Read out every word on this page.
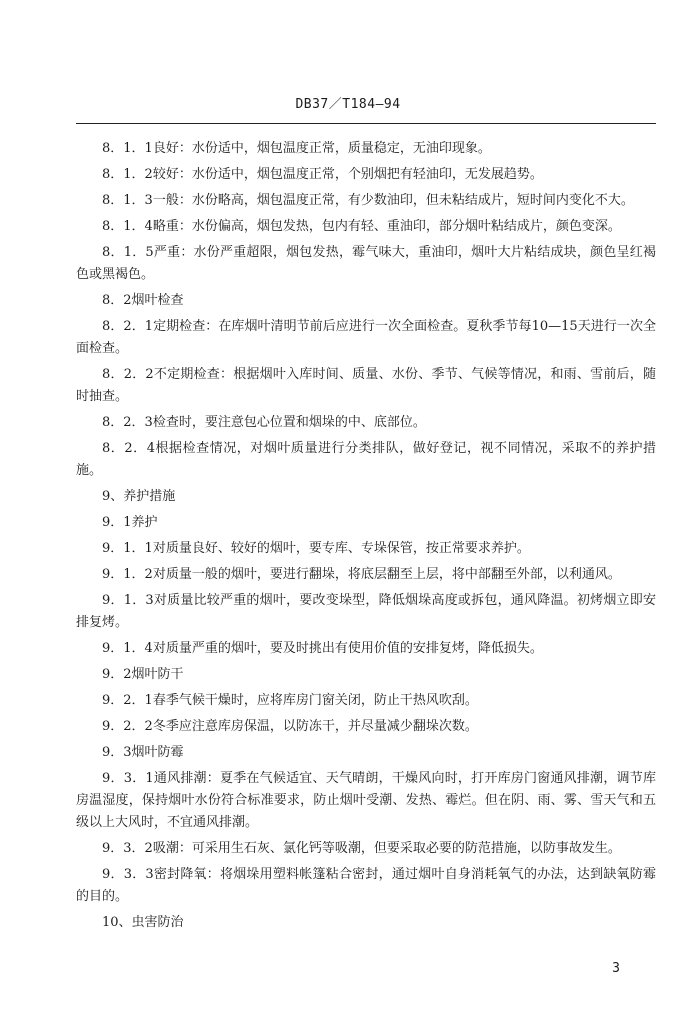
DB37／T184—94

8．1．1良好：水份适中，烟包温度正常，质量稳定，无油印现象。

8．1．2较好：水份适中，烟包温度正常，个别烟把有轻油印，无发展趋势。

8．1．3一般：水份略高，烟包温度正常，有少数油印，但未粘结成片，短时间内变化不大。

8．1．4略重：水份偏高，烟包发热，包内有轻、重油印，部分烟叶粘结成片，颜色变深。

8．1．5严重：水份严重超限，烟包发热，霉气味大，重油印，烟叶大片粘结成块，颜色呈红褐色或黑褐色。

8．2烟叶检查

8．2．1定期检查：在库烟叶清明节前后应进行一次全面检查。夏秋季节每10—15天进行一次全面检查。

8．2．2不定期检查：根据烟叶入库时间、质量、水份、季节、气候等情况，和雨、雪前后，随时抽查。

8．2．3检查时，要注意包心位置和烟垛的中、底部位。

8．2．4根据检查情况，对烟叶质量进行分类排队，做好登记，视不同情况，采取不的养护措施。

9、养护措施

9．1养护

9．1．1对质量良好、较好的烟叶，要专库、专垛保管，按正常要求养护。

9．1．2对质量一般的烟叶，要进行翻垛，将底层翻至上层，将中部翻至外部，以利通风。

9．1．3对质量比较严重的烟叶，要改变垛型，降低烟垛高度或拆包，通风降温。初烤烟立即安排复烤。

9．1．4对质量严重的烟叶，要及时挑出有使用价值的安排复烤，降低损失。

9．2烟叶防干

9．2．1春季气候干燥时，应将库房门窗关闭，防止干热风吹刮。

9．2．2冬季应注意库房保温，以防冻干，并尽量减少翻垛次数。

9．3烟叶防霉

9．3．1通风排潮：夏季在气候适宜、天气晴朗，干燥风向时，打开库房门窗通风排潮，调节库房温湿度，保持烟叶水份符合标准要求，防止烟叶受潮、发热、霉烂。但在阴、雨、雾、雪天气和五级以上大风时，不宜通风排潮。

9．3．2吸潮：可采用生石灰、氯化钙等吸潮，但要采取必要的防范措施，以防事故发生。

9．3．3密封降氧：将烟垛用塑料帐篷粘合密封，通过烟叶自身消耗氧气的办法，达到缺氧防霉的目的。

10、虫害防治

3
